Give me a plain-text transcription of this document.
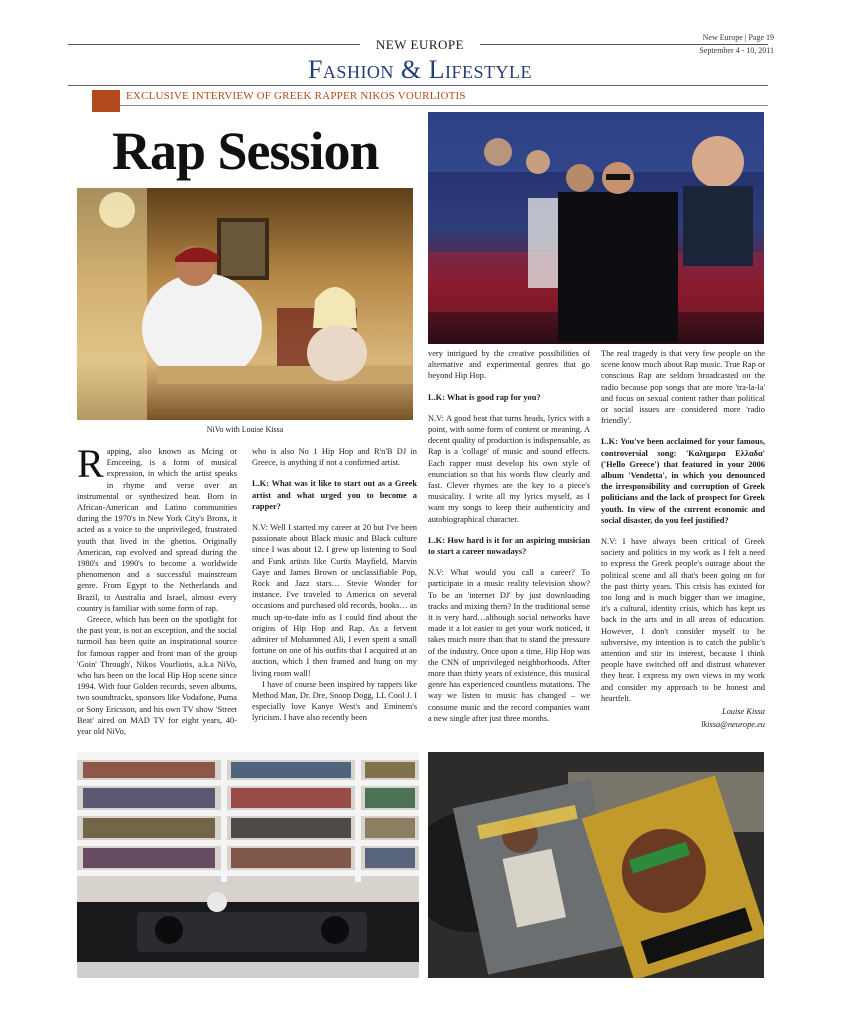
NEW EUROPE	New Europe | Page 19
September 4 - 10, 2011
Fashion & Lifestyle
EXCLUSIVE INTERVIEW OF GREEK RAPPER NIKOS VOURLIOTIS
Rap Session
NiVo with Louise Kissa

Rapping, also known as Mcing or Emceeing, is a form of musical expression, in which the artist speaks in rhyme and verse over an instrumental or synthesized beat. Born in African-American and Latino communities during the 1970's in New York City's Bronx, it acted as a voice to the unprivileged, frustrated youth that lived in the ghettos. Originally American, rap evolved and spread during the 1980's and 1990's to become a worldwide phenomenon and a successful mainstream genre. From Egypt to the Netherlands and Brazil, to Australia and Israel, almost every country is familiar with some form of rap.

Greece, which has been on the spotlight for the past year, is not an exception, and the social turmoil has been quite an inspirational source for famous rapper and front man of the group 'Goin' Through', Nikos Vourliotis, a.k.a NiVo, who has been on the local Hip Hop scene since 1994. With four Golden records, seven albums, two soundtracks, sponsors like Vodafone, Puma or Sony Ericsson, and his own TV show 'Street Beat' aired on MAD TV for eight years, 40-year old NiVo,

who is also No 1 Hip Hop and R'n'B DJ in Greece, is anything if not a confirmed artist.

L.K: What was it like to start out as a Greek artist and what urged you to become a rapper?

N.V: Well I started my career at 20 but I've been passionate about Black music and Black culture since I was about 12. I grew up listening to Soul and Funk artists like Curtis Mayfield, Marvin Gaye and James Brown or unclassifiable Pop, Rock and Jazz stars… Stevie Wonder for instance. I've traveled to America on several occasions and purchased old records, books… as much up-to-date info as I could find about the origins of Hip Hop and Rap. As a fervent admirer of Mohammed Ali, I even spent a small fortune on one of his outfits that I acquired at an auction, which I then framed and hung on my living room wall!

I have of course been inspired by rappers like Method Man, Dr. Dre, Snoop Dogg, LL Cool J. I especially love Kanye West's and Eminem's lyricism. I have also recently been

very intrigued by the creative possibilities of alternative and experimental genres that go beyond Hip Hop.

L.K: What is good rap for you?

N.V: A good beat that turns heads, lyrics with a point, with some form of content or meaning. A decent quality of production is indispensable, as Rap is a 'collage' of music and sound effects. Each rapper must develop his own style of enunciation so that his words flow clearly and fast. Clever rhymes are the key to a piece's musicality. I write all my lyrics myself, as I want my songs to keep their authenticity and autobiographical character.

L.K: How hard is it for an aspiring musician to start a career nowadays?

N.V: What would you call a career? To participate in a music reality television show? To be an 'internet DJ' by just downloading tracks and mixing them? In the traditional sense it is very hard…although social networks have made it a lot easier to get your work noticed, it takes much more than that to stand the pressure of the industry. Once upon a time, Hip Hop was the CNN of unprivileged neighborhoods. After more than thirty years of existence, this musical genre has experienced countless mutations. The way we listen to music has changed – we consume music and the record companies want a new single after just three months.

The real tragedy is that very few people on the scene know much about Rap music. True Rap or conscious Rap are seldom broadcasted on the radio because pop songs that are more 'tra-la-la' and focus on sexual content rather than political or social issues are considered more 'radio friendly'.

L.K: You've been acclaimed for your famous, controversial song: 'Καλημερα Ελλαδα' ('Hello Greece') that featured in your 2006 album 'Vendetta', in which you denounced the irresponsibility and corruption of Greek politicians and the lack of prospect for Greek youth. In view of the current economic and social disaster, do you feel justified?

N.V: I have always been critical of Greek society and politics in my work as I felt a need to express the Greek people's outrage about the political scene and all that's been going on for the past thirty years. This crisis has existed for too long and is much bigger than we imagine, it's a cultural, identity crisis, which has kept us back in the arts and in all areas of education. However, I don't consider myself to be subversive, my intention is to catch the public's attention and stir its interest, because I think people have switched off and distrust whatever they hear. I express my own views in my work and consider my approach to be honest and heartfelt.

Louise Kissa
lkissa@neurope.eu
